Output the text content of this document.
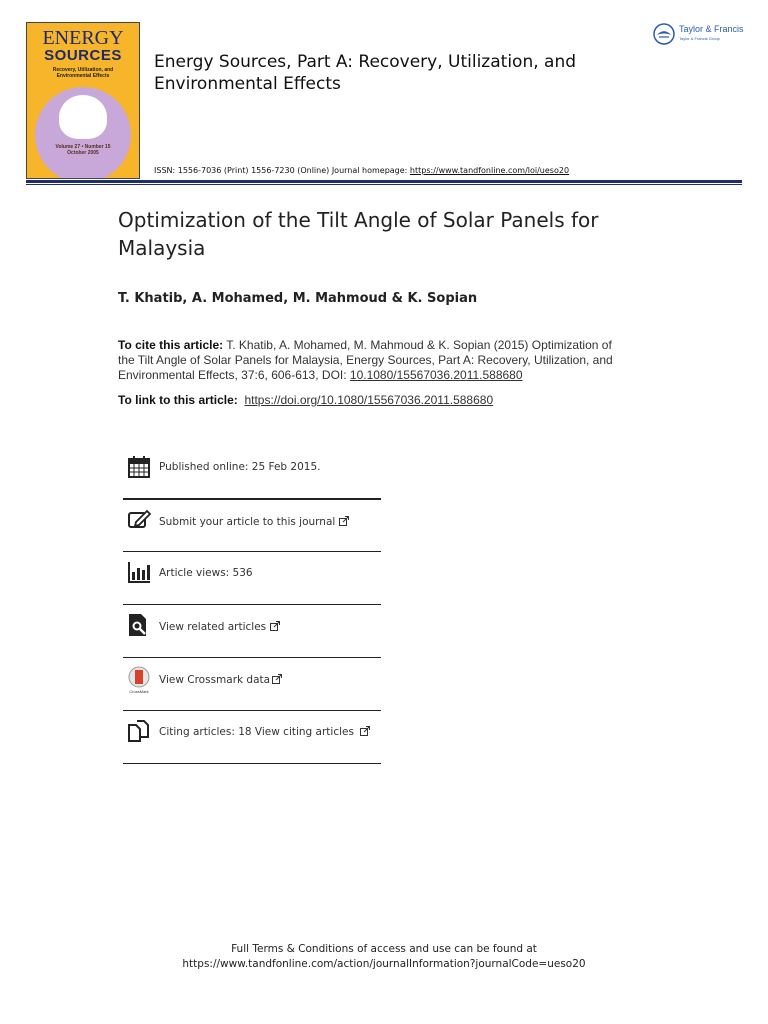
ENERGY
SOURCES
Recovery, Utilization, and Environmental Effects
Volume 27 • Number 15
October 2005
Energy Sources, Part A: Recovery, Utilization, and Environmental Effects
Taylor & Francis
Taylor & Francis Group
ISSN: 1556-7036 (Print) 1556-7230 (Online) Journal homepage: https://www.tandfonline.com/loi/ueso20
Optimization of the Tilt Angle of Solar Panels for Malaysia
T. Khatib, A. Mohamed, M. Mahmoud & K. Sopian
To cite this article: T. Khatib, A. Mohamed, M. Mahmoud & K. Sopian (2015) Optimization of the Tilt Angle of Solar Panels for Malaysia, Energy Sources, Part A: Recovery, Utilization, and Environmental Effects, 37:6, 606-613, DOI: 10.1080/15567036.2011.588680
To link to this article: https://doi.org/10.1080/15567036.2011.588680
Published online: 25 Feb 2015.
Submit your article to this journal
Article views: 536
View related articles
CrossMark
View Crossmark data
Citing articles: 18 View citing articles
Full Terms & Conditions of access and use can be found at
https://www.tandfonline.com/action/journalInformation?journalCode=ueso20
